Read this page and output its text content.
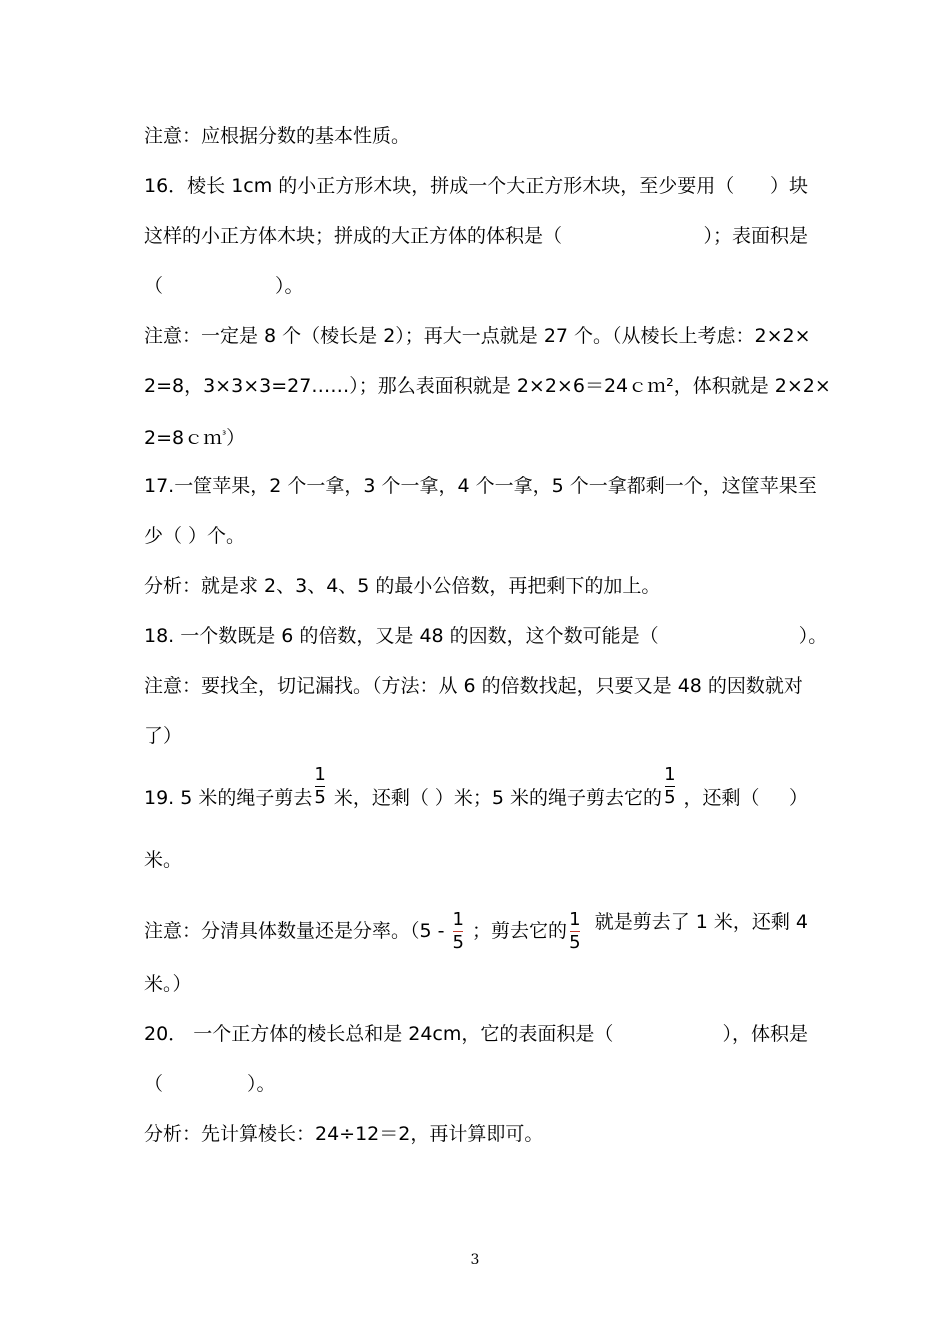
注意：应根据分数的基本性质。
16．棱长 1cm 的小正方形木块，拼成一个大正方形木块，至少要用（ ）块
这样的小正方体木块；拼成的大正方体的体积是（	）；表面积是
（	）。
注意：一定是 8 个（棱长是 2）；再大一点就是 27 个。（从棱长上考虑：2×2×
2=8，3×3×3=27……）；那么表面积就是 2×2×6＝24ｃｍ²，体积就是 2×2×
2=8ｃｍ$^{^3}$）
17.一筐苹果，2 个一拿，3 个一拿，4 个一拿，5 个一拿都剩一个，这筐苹果至
少（ ）个。
分析：就是求 2、3、4、5 的最小公倍数，再把剩下的加上。
18. 一个数既是 6 的倍数，又是 48 的因数，这个数可能是（	）。
注意：要找全，切记漏找。（方法：从 6 的倍数找起，只要又是 48 的因数就对
了）
19. 5 米的绳子剪去 $\frac{1}{5}$ 米，还剩（ ）米；5 米的绳子剪去它的 $\frac{1}{5}$ ，还剩（ ）
米。
注意：分清具体数量还是分率。（$5 - \frac{1}{5}$ ；剪去它的 $\frac{1}{5}$ 就是剪去了 1 米，还剩 4
米。）
20． 一个正方体的棱长总和是 24cm，它的表面积是（	），体积是
（	）。
分析：先计算棱长：24÷12＝2，再计算即可。
3
